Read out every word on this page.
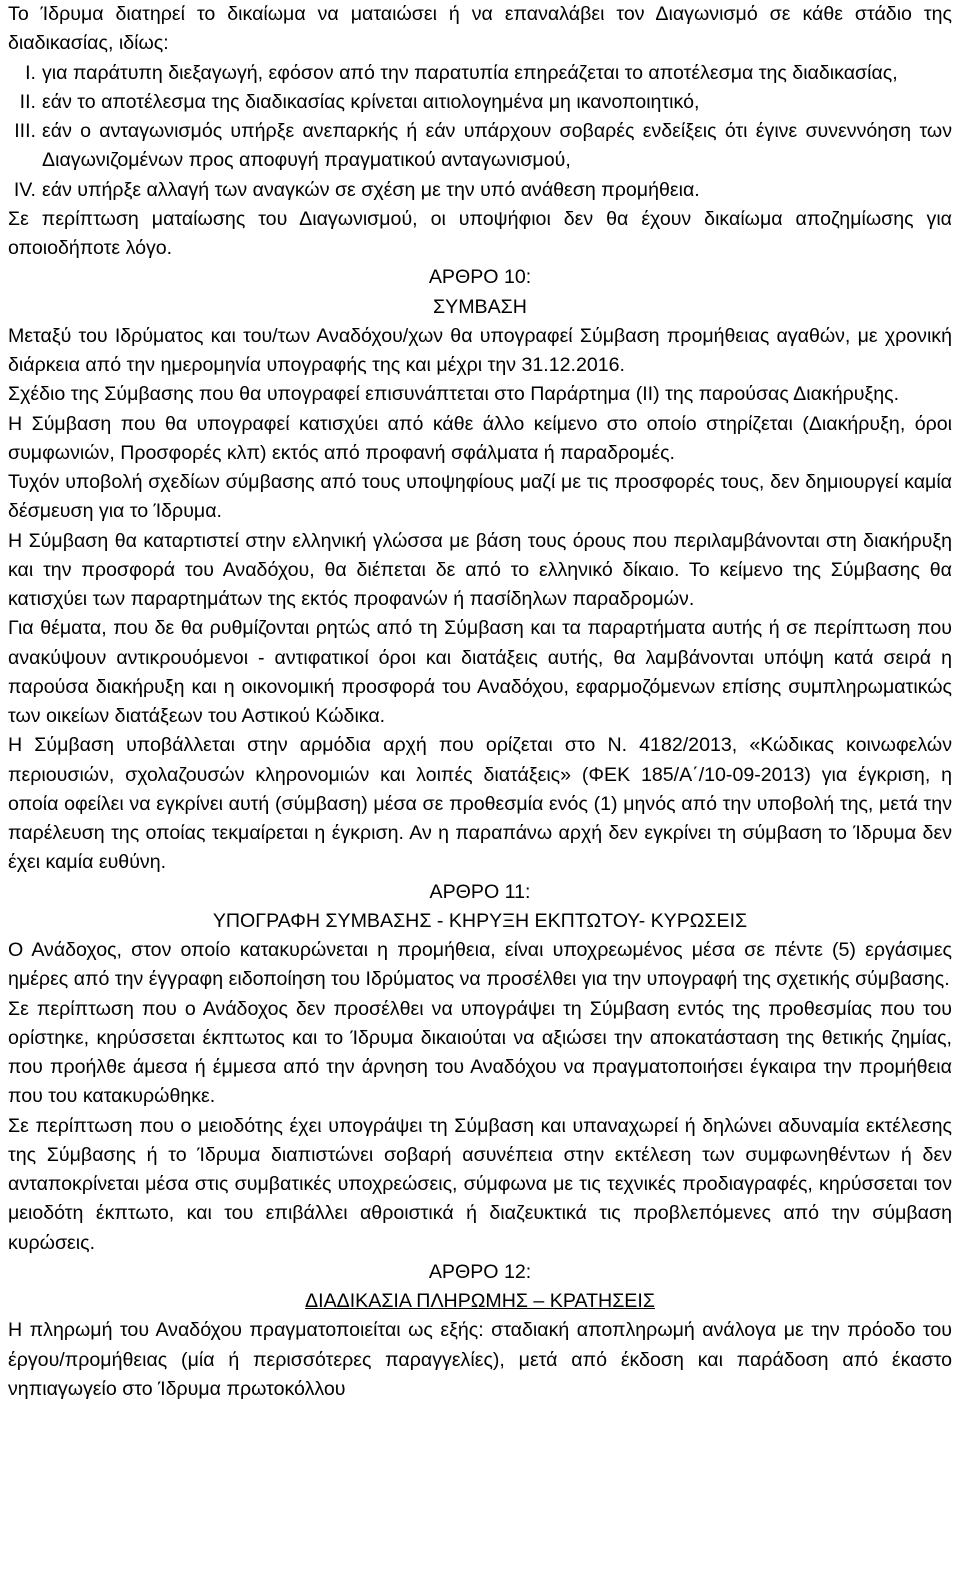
Το Ίδρυμα διατηρεί το δικαίωμα να ματαιώσει ή να επαναλάβει τον Διαγωνισμό σε κάθε στάδιο της διαδικασίας, ιδίως:

I. για παράτυπη διεξαγωγή, εφόσον από την παρατυπία επηρεάζεται το αποτέλεσμα της διαδικασίας,
II. εάν το αποτέλεσμα της διαδικασίας κρίνεται αιτιολογημένα μη ικανοποιητικό,
III. εάν ο ανταγωνισμός υπήρξε ανεπαρκής ή εάν υπάρχουν σοβαρές ενδείξεις ότι έγινε συνεννόηση των Διαγωνιζομένων προς αποφυγή πραγματικού ανταγωνισμού,
IV. εάν υπήρξε αλλαγή των αναγκών σε σχέση με την υπό ανάθεση προμήθεια.

Σε περίπτωση ματαίωσης του Διαγωνισμού, οι υποψήφιοι δεν θα έχουν δικαίωμα αποζημίωσης για οποιοδήποτε λόγο.

ΑΡΘΡΟ 10:

ΣΥΜΒΑΣΗ

Μεταξύ του Ιδρύματος και του/των Αναδόχου/χων θα υπογραφεί Σύμβαση προμήθειας αγαθών, με χρονική διάρκεια από την ημερομηνία υπογραφής της και μέχρι την 31.12.2016.

Σχέδιο της Σύμβασης που θα υπογραφεί επισυνάπτεται στο Παράρτημα (ΙΙ) της παρούσας Διακήρυξης.

Η Σύμβαση που θα υπογραφεί κατισχύει από κάθε άλλο κείμενο στο οποίο στηρίζεται (Διακήρυξη, όροι συμφωνιών, Προσφορές κλπ) εκτός από προφανή σφάλματα ή παραδρομές.

Τυχόν υποβολή σχεδίων σύμβασης από τους υποψηφίους μαζί με τις προσφορές τους, δεν δημιουργεί καμία δέσμευση για το Ίδρυμα.

Η Σύμβαση θα καταρτιστεί στην ελληνική γλώσσα με βάση τους όρους που περιλαμβάνονται στη διακήρυξη και την προσφορά του Αναδόχου, θα διέπεται δε από το ελληνικό δίκαιο. Το κείμενο της Σύμβασης θα κατισχύει των παραρτημάτων της εκτός προφανών ή πασίδηλων παραδρομών.

Για θέματα, που δε θα ρυθμίζονται ρητώς από τη Σύμβαση και τα παραρτήματα αυτής ή σε περίπτωση που ανακύψουν αντικρουόμενοι - αντιφατικοί όροι και διατάξεις αυτής, θα λαμβάνονται υπόψη κατά σειρά η παρούσα διακήρυξη και η οικονομική προσφορά του Αναδόχου, εφαρμοζόμενων επίσης συμπληρωματικώς των οικείων διατάξεων του Αστικού Κώδικα.

Η Σύμβαση υποβάλλεται στην αρμόδια αρχή που ορίζεται στο Ν. 4182/2013, «Κώδικας κοινωφελών περιουσιών, σχολαζουσών κληρονομιών και λοιπές διατάξεις» (ΦΕΚ 185/Α΄/10-09-2013) για έγκριση, η οποία οφείλει να εγκρίνει αυτή (σύμβαση) μέσα σε προθεσμία ενός (1) μηνός από την υποβολή της, μετά την παρέλευση της οποίας τεκμαίρεται η έγκριση. Αν η παραπάνω αρχή δεν εγκρίνει τη σύμβαση το Ίδρυμα δεν έχει καμία ευθύνη.

ΑΡΘΡΟ 11:

ΥΠΟΓΡΑΦΗ ΣΥΜΒΑΣΗΣ - ΚΗΡΥΞΗ ΕΚΠΤΩΤΟΥ- ΚΥΡΩΣΕΙΣ

Ο Ανάδοχος, στον οποίο κατακυρώνεται η προμήθεια, είναι υποχρεωμένος μέσα σε πέντε (5) εργάσιμες ημέρες από την έγγραφη ειδοποίηση του Ιδρύματος να προσέλθει για την υπογραφή της σχετικής σύμβασης.

Σε περίπτωση που ο Ανάδοχος δεν προσέλθει να υπογράψει τη Σύμβαση εντός της προθεσμίας που του ορίστηκε, κηρύσσεται έκπτωτος και το Ίδρυμα δικαιούται να αξιώσει την αποκατάσταση της θετικής ζημίας, που προήλθε άμεσα ή έμμεσα από την άρνηση του Αναδόχου να πραγματοποιήσει έγκαιρα την προμήθεια που του κατακυρώθηκε.

Σε περίπτωση που ο μειοδότης έχει υπογράψει τη Σύμβαση και υπαναχωρεί ή δηλώνει αδυναμία εκτέλεσης της Σύμβασης ή το Ίδρυμα διαπιστώνει σοβαρή ασυνέπεια στην εκτέλεση των συμφωνηθέντων ή δεν ανταποκρίνεται μέσα στις συμβατικές υποχρεώσεις, σύμφωνα με τις τεχνικές προδιαγραφές, κηρύσσεται τον μειοδότη έκπτωτο, και του επιβάλλει αθροιστικά ή διαζευκτικά τις προβλεπόμενες από την σύμβαση κυρώσεις.

ΑΡΘΡΟ 12:

ΔΙΑΔΙΚΑΣΙΑ ΠΛΗΡΩΜΗΣ – ΚΡΑΤΗΣΕΙΣ

Η πληρωμή του Αναδόχου πραγματοποιείται ως εξής: σταδιακή αποπληρωμή ανάλογα με την πρόοδο του έργου/προμήθειας (μία ή περισσότερες παραγγελίες), μετά από έκδοση και παράδοση από έκαστο νηπιαγωγείο στο Ίδρυμα πρωτοκόλλου
